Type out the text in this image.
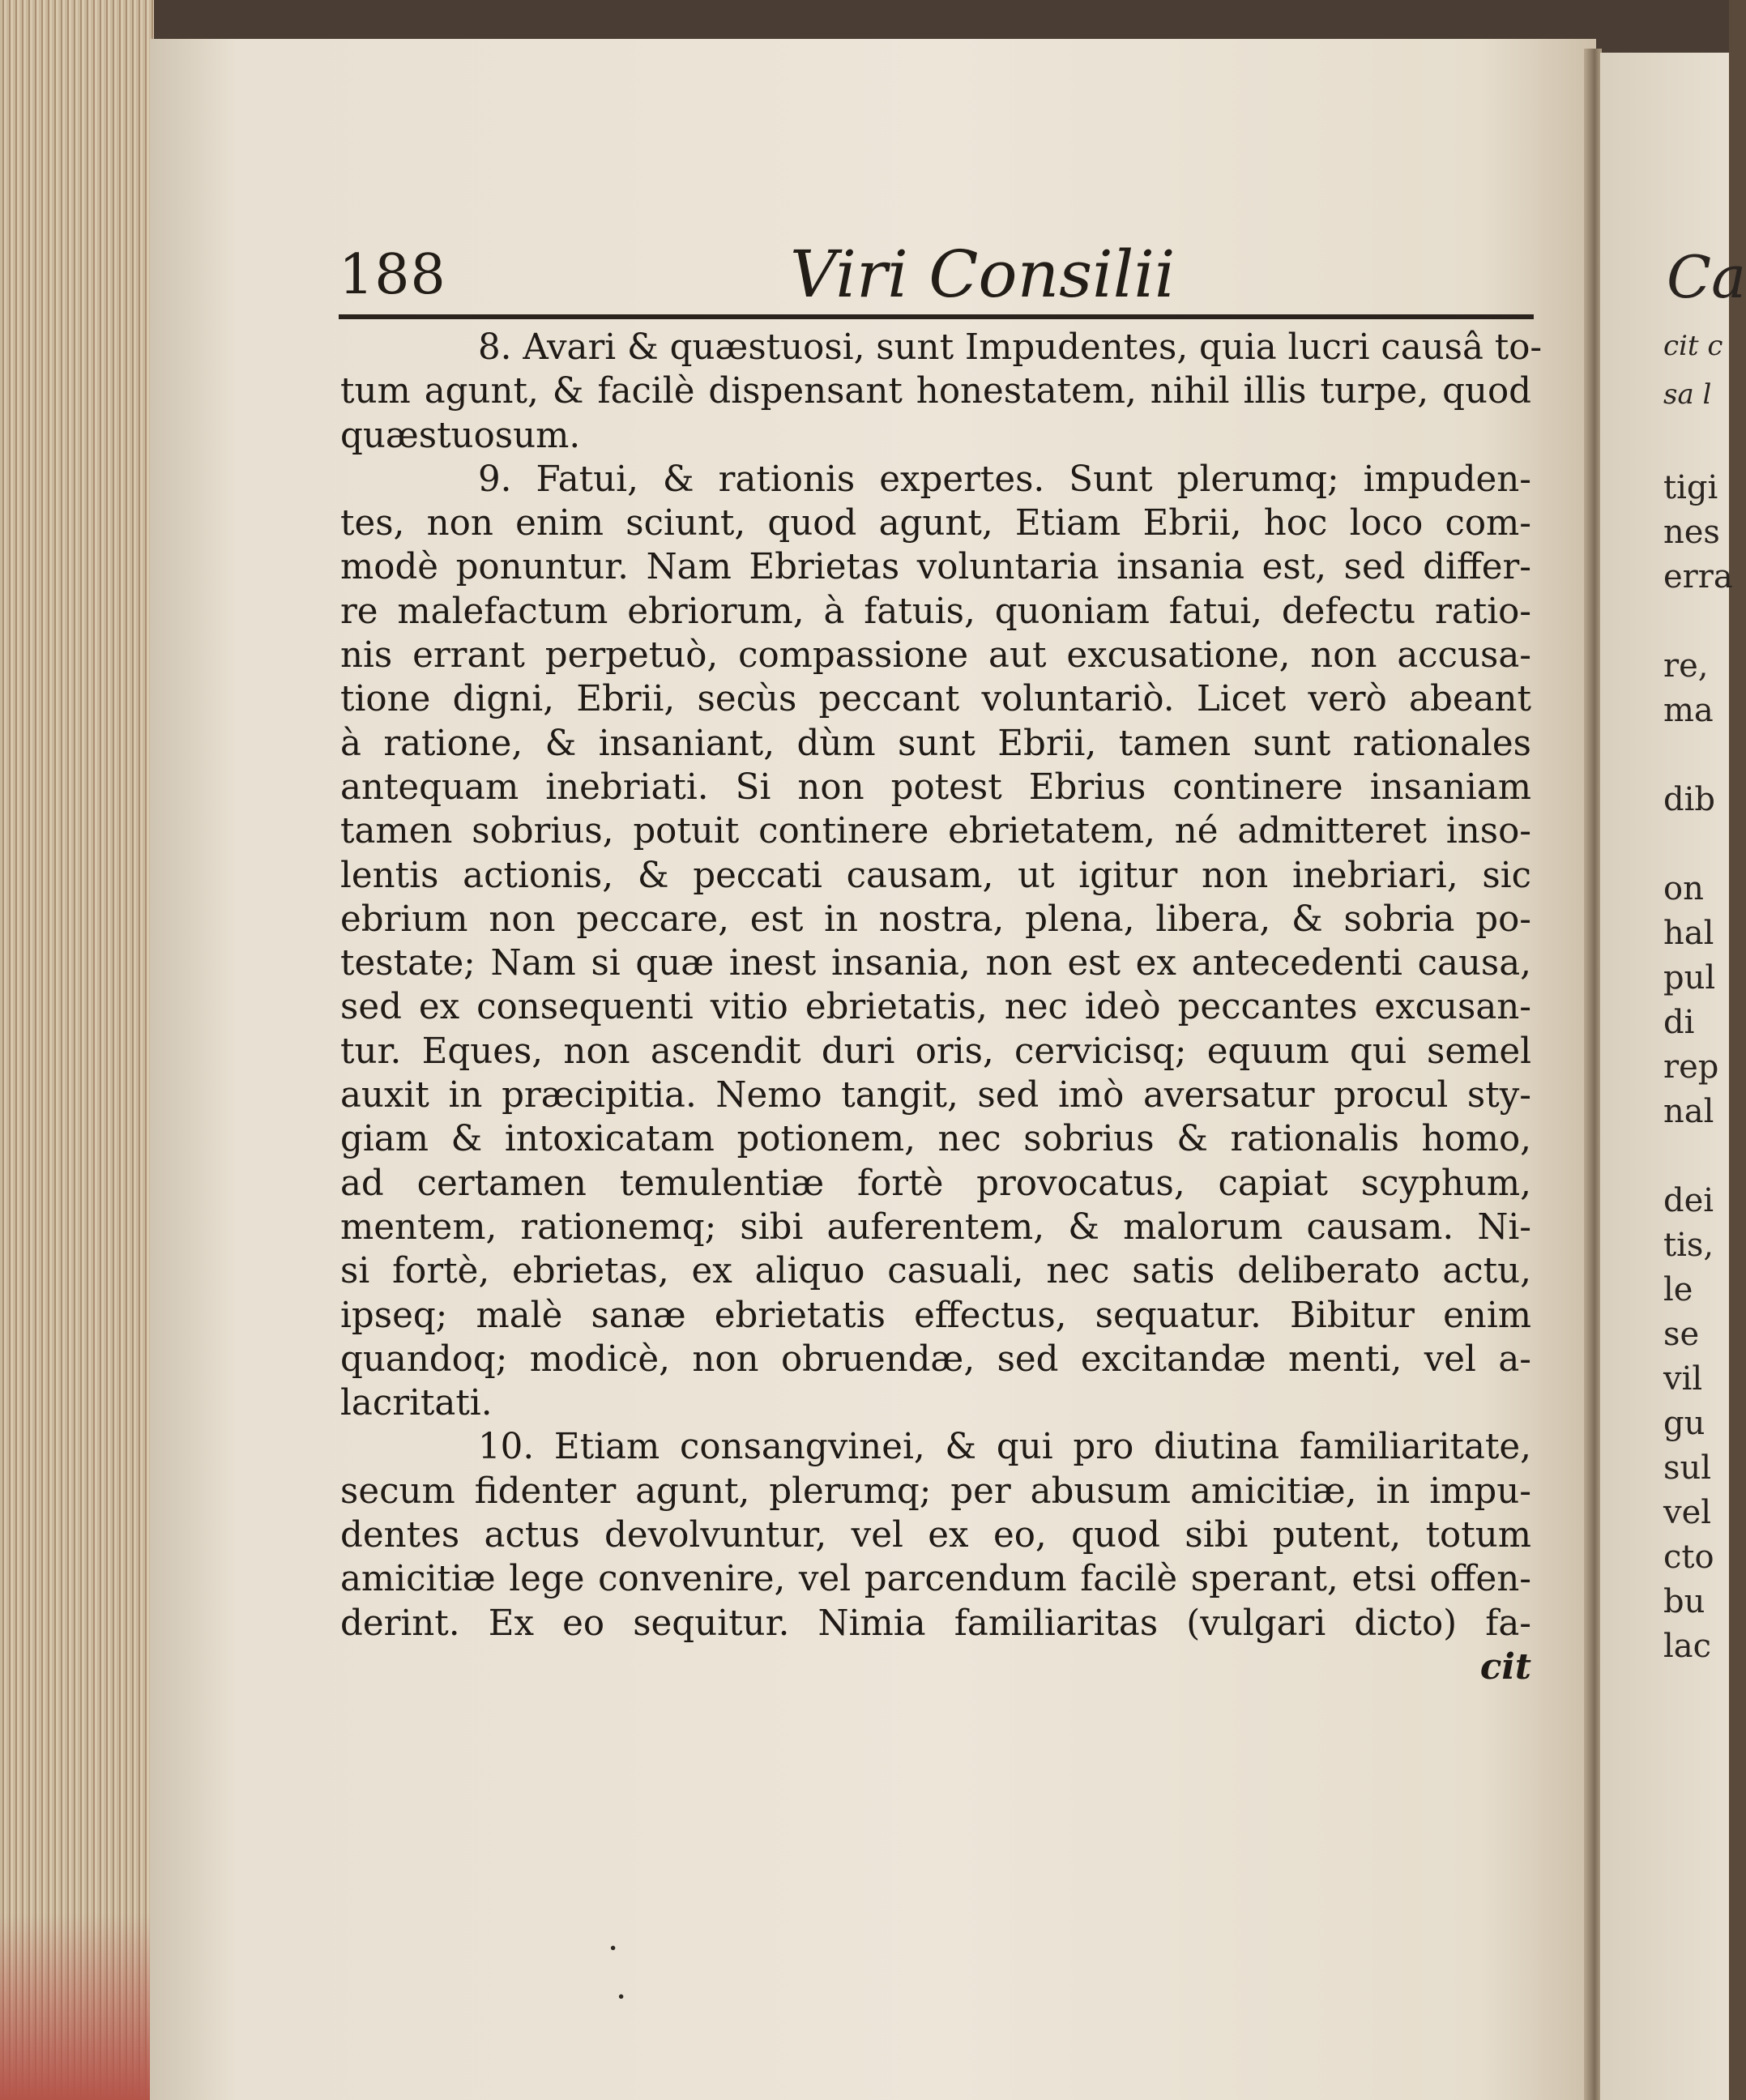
188	Viri Consilii
8. Avari & quæstuosi, sunt Impudentes, quia lucri causâ to-
tum agunt, & facilè dispensant honestatem, nihil illis turpe, quod
quæstuosum.
9. Fatui, & rationis expertes. Sunt plerumq; impuden-
tes, non enim sciunt, quod agunt, Etiam Ebrii, hoc loco com-
modè ponuntur. Nam Ebrietas voluntaria insania est, sed differ-
re malefactum ebriorum, à fatuis, quoniam fatui, defectu ratio-
nis errant perpetuò, compassione aut excusatione, non accusa-
tione digni, Ebrii, secùs peccant voluntariò. Licet verò abeant
à ratione, & insaniant, dùm sunt Ebrii, tamen sunt rationales
antequam inebriati. Si non potest Ebrius continere insaniam
tamen sobrius, potuit continere ebrietatem, né admitteret inso-
lentis actionis, & peccati causam, ut igitur non inebriari, sic
ebrium non peccare, est in nostra, plena, libera, & sobria po-
testate; Nam si quæ inest insania, non est ex antecedenti causa,
sed ex consequenti vitio ebrietatis, nec ideò peccantes excusan-
tur. Eques, non ascendit duri oris, cervicisq; equum qui semel
auxit in præcipitia. Nemo tangit, sed imò aversatur procul sty-
giam & intoxicatam potionem, nec sobrius & rationalis homo,
ad certamen temulentiæ fortè provocatus, capiat scyphum,
mentem, rationemq; sibi auferentem, & malorum causam. Ni-
si fortè, ebrietas, ex aliquo casuali, nec satis deliberato actu,
ipseq; malè sanæ ebrietatis effectus, sequatur. Bibitur enim
quandoq; modicè, non obruendæ, sed excitandæ menti, vel a-
lacritati.
10. Etiam consangvinei, & qui pro diutina familiaritate,
secum fidenter agunt, plerumq; per abusum amicitiæ, in impu-
dentes actus devolvuntur, vel ex eo, quod sibi putent, totum
amicitiæ lege convenire, vel parcendum facilè sperant, etsi offen-
derint. Ex eo sequitur. Nimia familiaritas (vulgari dicto) fa-
cit
·
·
Ca
cit c
sa l
tigi
nes
erra
re,
ma
dib
on
hal
pul
di
rep
nal
dei
tis,
le
se
vil
gu
sul
vel
cto
bu
lac
